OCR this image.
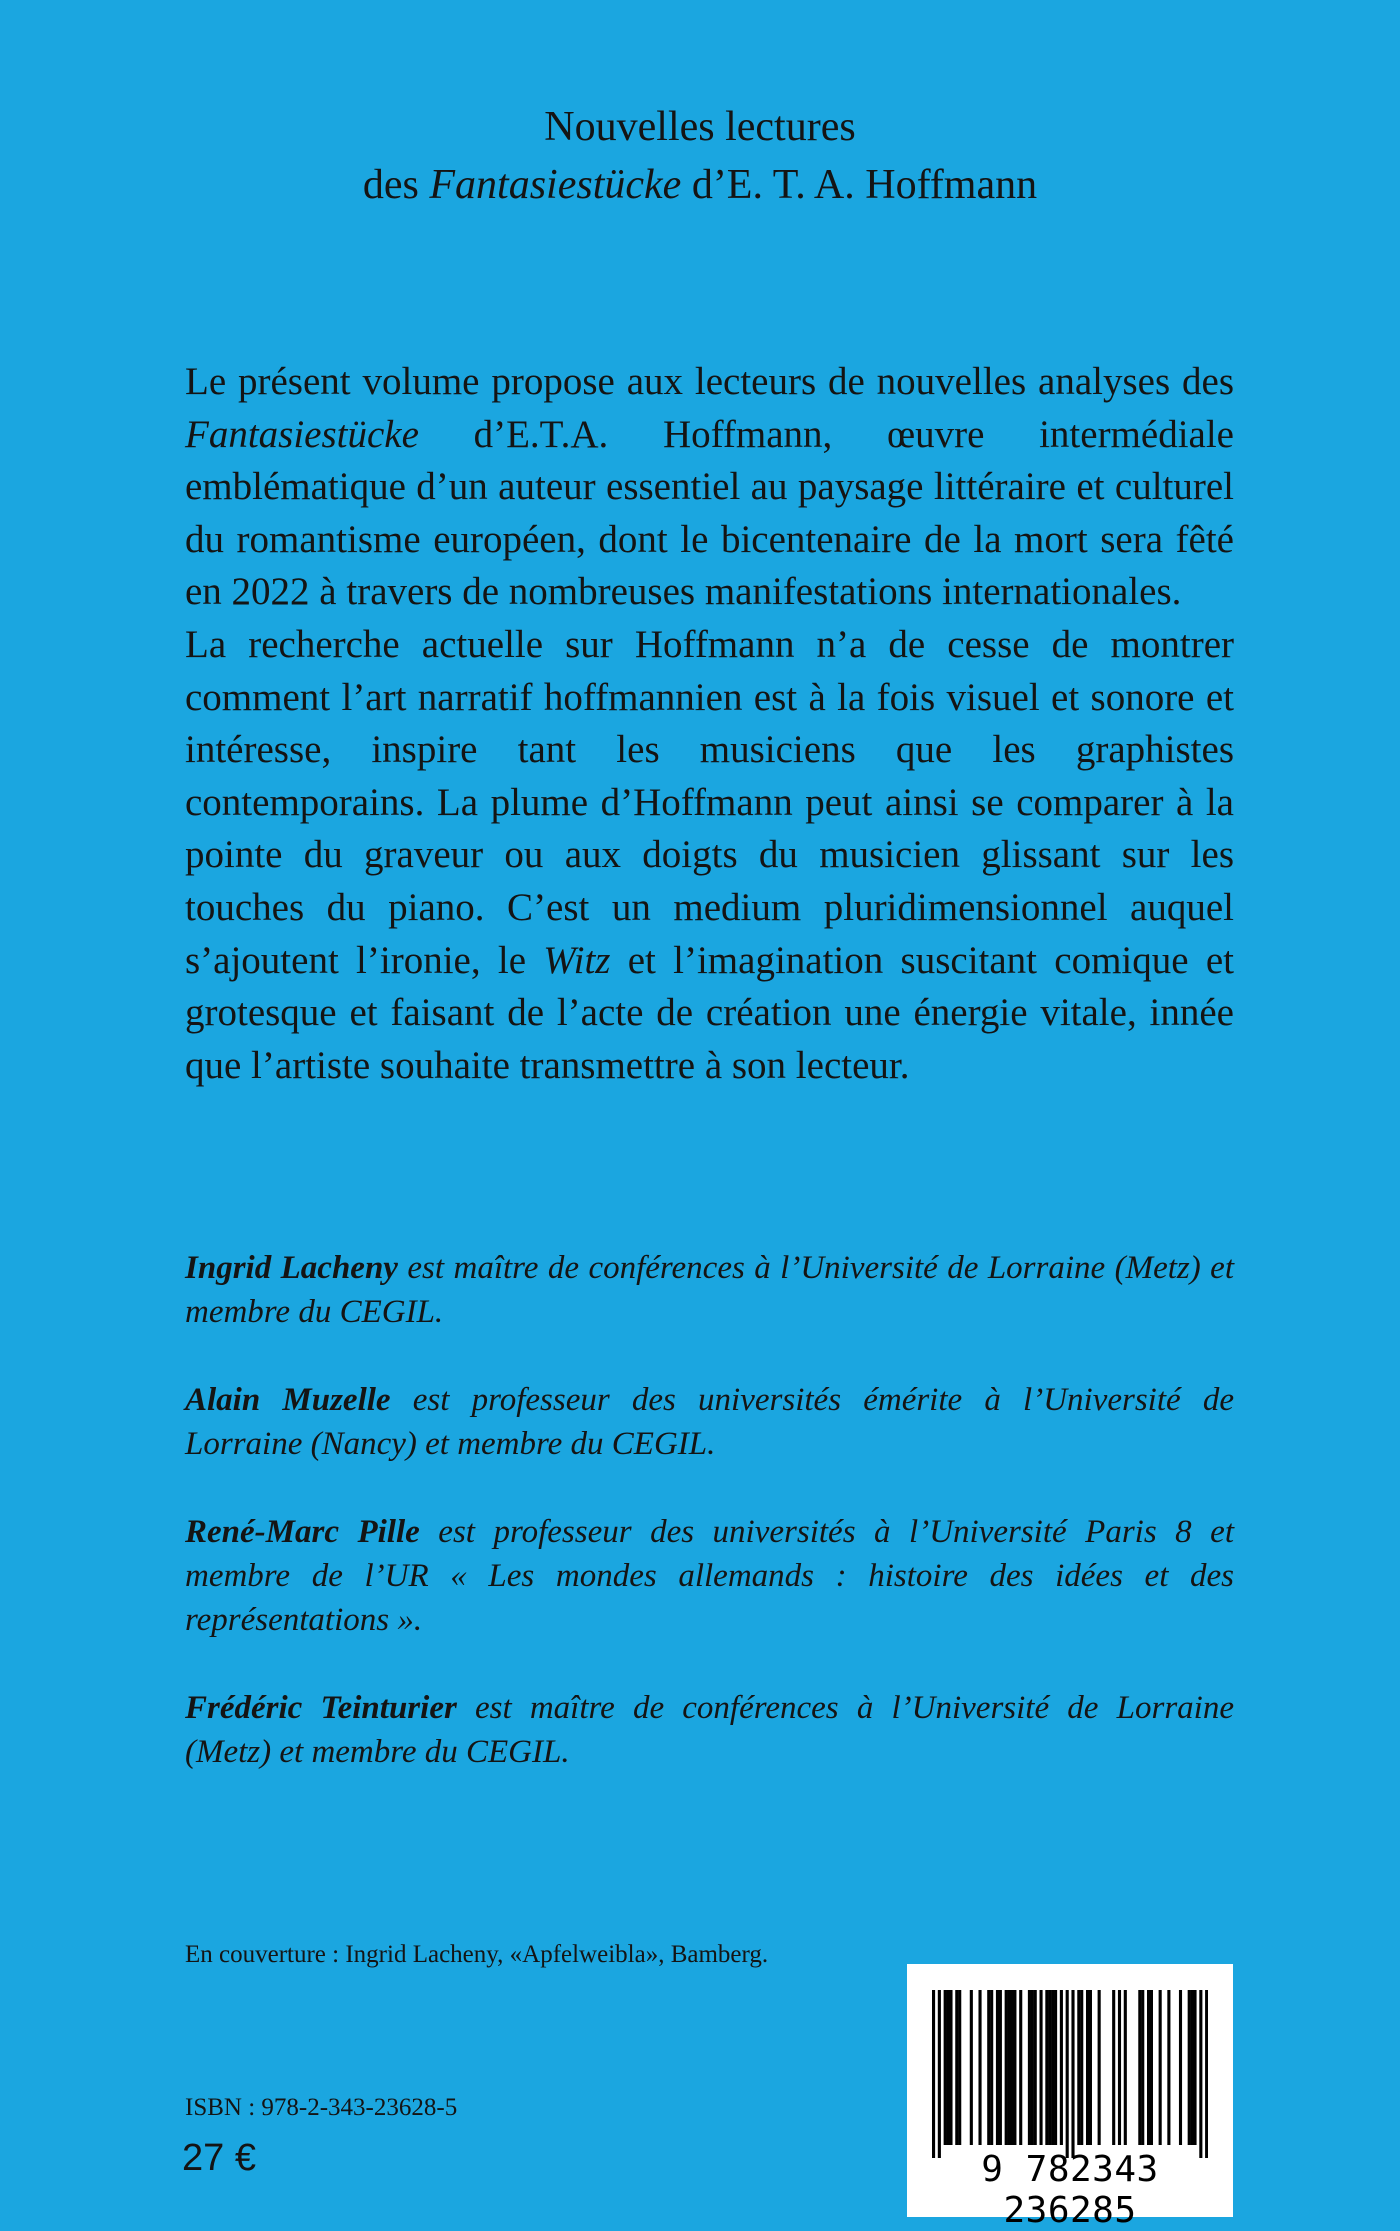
Nouvelles lectures
des Fantasiestücke d’E. T. A. Hoffmann

Le présent volume propose aux lecteurs de nouvelles analyses des Fantasiestücke d’E.T.A. Hoffmann, œuvre intermédiale emblématique d’un auteur essentiel au paysage littéraire et culturel du romantisme européen, dont le bicentenaire de la mort sera fêté en 2022 à travers de nombreuses manifestations internationales.

La recherche actuelle sur Hoffmann n’a de cesse de montrer comment l’art narratif hoffmannien est à la fois visuel et sonore et intéresse, inspire tant les musiciens que les graphistes contemporains. La plume d’Hoffmann peut ainsi se comparer à la pointe du graveur ou aux doigts du musicien glissant sur les touches du piano. C’est un medium pluridimensionnel auquel s’ajoutent l’ironie, le Witz et l’imagination suscitant comique et grotesque et faisant de l’acte de création une énergie vitale, innée que l’artiste souhaite transmettre à son lecteur.

Ingrid Lacheny est maître de conférences à l’Université de Lorraine (Metz) et membre du CEGIL.

Alain Muzelle est professeur des universités émérite à l’Université de Lorraine (Nancy) et membre du CEGIL.

René-Marc Pille est professeur des universités à l’Université Paris 8 et membre de l’UR « Les mondes allemands : histoire des idées et des représentations ».

Frédéric Teinturier est maître de conférences à l’Université de Lorraine (Metz) et membre du CEGIL.

En couverture : Ingrid Lacheny, «Apfelweibla», Bamberg.
ISBN : 978-2-343-23628-5
27 €	9 782343 236285
